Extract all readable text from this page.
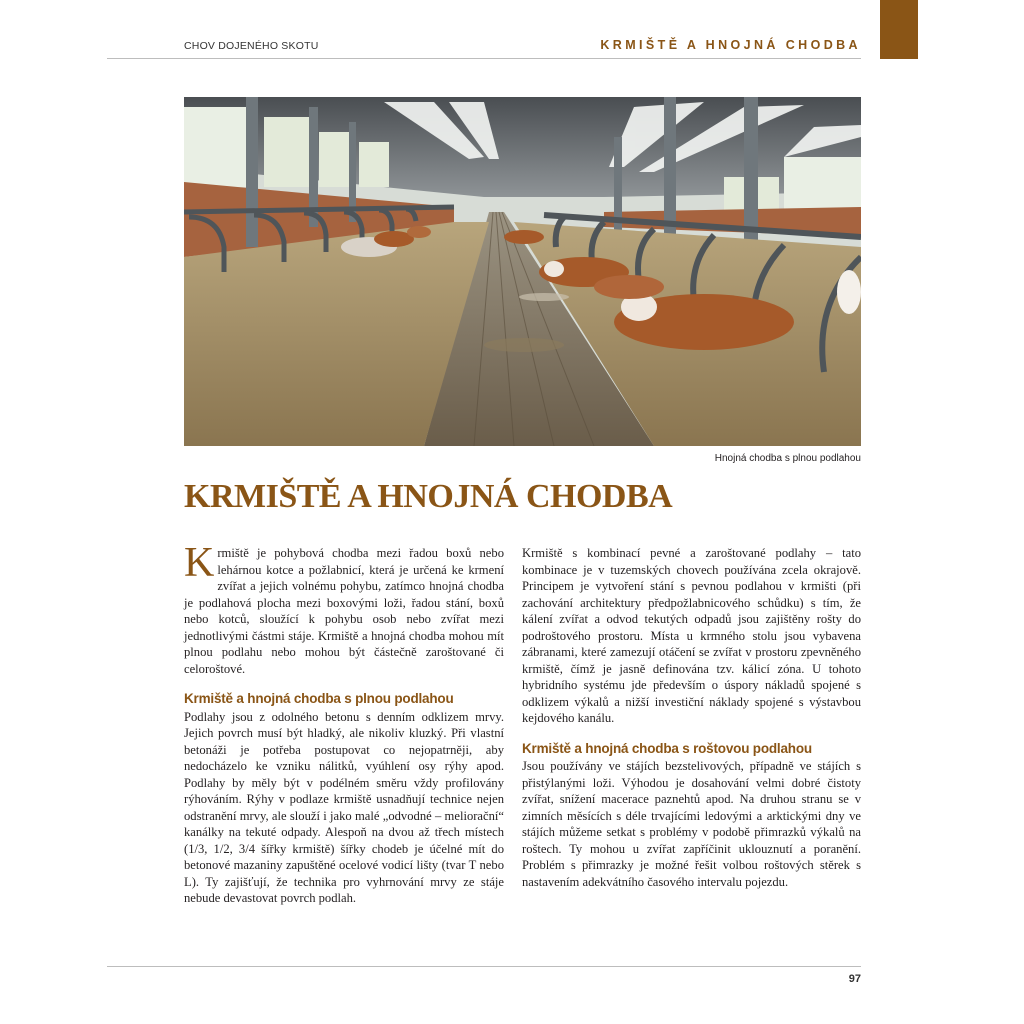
CHOV DOJENÉHO SKOTU	KRMIŠTĚ A HNOJNÁ CHODBA
Hnojná chodba s plnou podlahou
KRMIŠTĚ A HNOJNÁ CHODBA

Krmiště je pohybová chodba mezi řadou boxů nebo lehárnou kotce a požlabnicí, která je určená ke krmení zvířat a jejich volnému pohybu, zatímco hnojná chodba je podlahová plocha mezi boxovými loži, řadou stání, boxů nebo kotců, sloužící k pohybu osob nebo zvířat mezi jednotlivými částmi stáje. Krmiště a hnojná chodba mohou mít plnou podlahu nebo mohou být částečně zaroštované či celoroštové.

Krmiště a hnojná chodba s plnou podlahou

Podlahy jsou z odolného betonu s denním odklizem mrvy. Jejich povrch musí být hladký, ale nikoliv kluzký. Při vlastní betonáži je potřeba postupovat co nejopatrněji, aby nedocházelo ke vzniku nálitků, vyúhlení osy rýhy apod. Podlahy by měly být v podélném směru vždy profilovány rýhováním. Rýhy v podlaze krmiště usnadňují technice nejen odstranění mrvy, ale slouží i jako malé „odvodné – meliorační“ kanálky na tekuté odpady. Alespoň na dvou až třech místech (1/3, 1/2, 3/4 šířky krmiště) šířky chodeb je účelné mít do betonové mazaniny zapuštěné ocelové vodicí lišty (tvar T nebo L). Ty zajišťují, že technika pro vyhrnování mrvy ze stáje nebude devastovat povrch podlah.

Krmiště s kombinací pevné a zaroštované podlahy – tato kombinace je v tuzemských chovech používána zcela okrajově. Principem je vytvoření stání s pevnou podlahou v krmišti (při zachování architektury předpožlabnicového schůdku) s tím, že kálení zvířat a odvod tekutých odpadů jsou zajištěny rošty do podroštového prostoru. Místa u krmného stolu jsou vybavena zábranami, které zamezují otáčení se zvířat v prostoru zpevněného krmiště, čímž je jasně definována tzv. kálicí zóna. U tohoto hybridního systému jde především o úspory nákladů spojené s odklizem výkalů a nižší investiční náklady spojené s výstavbou kejdového kanálu.

Krmiště a hnojná chodba s roštovou podlahou

Jsou používány ve stájích bezstelivových, případně ve stájích s přistýlanými loži. Výhodou je dosahování velmi dobré čistoty zvířat, snížení macerace paznehtů apod. Na druhou stranu se v zimních měsících s déle trvajícími ledovými a arktickými dny ve stájích můžeme setkat s problémy v podobě přimrazků výkalů na roštech. Ty mohou u zvířat zapříčinit uklouznutí a poranění. Problém s přimrazky je možné řešit volbou roštových stěrek s nastavením adekvátního časového intervalu pojezdu.

97
